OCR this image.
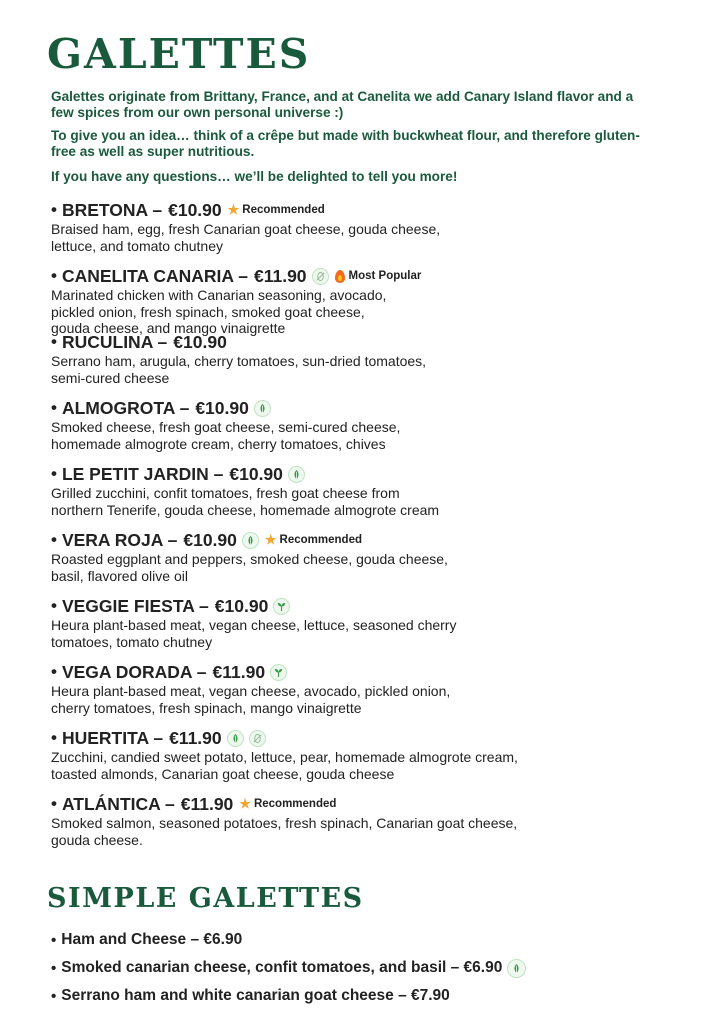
GALETTES

Galettes originate from Brittany, France, and at Canelita we add Canary Island flavor and a few spices from our own personal universe :)

To give you an idea… think of a crêpe but made with buckwheat flour, and therefore gluten-free as well as super nutritious.

If you have any questions… we’ll be delighted to tell you more!

• BRETONA – €10.90 ★ Recommended

Braised ham, egg, fresh Canarian goat cheese, gouda cheese,
lettuce, and tomato chutney

• CANELITA CANARIA – €11.90	Most Popular

Marinated chicken with Canarian seasoning, avocado,
pickled onion, fresh spinach, smoked goat cheese,
gouda cheese, and mango vinaigrette

• RUCULINA – €10.90

Serrano ham, arugula, cherry tomatoes, sun-dried tomatoes,
semi-cured cheese

• ALMOGROTA – €10.90

Smoked cheese, fresh goat cheese, semi-cured cheese,
homemade almogrote cream, cherry tomatoes, chives

• LE PETIT JARDIN – €10.90

Grilled zucchini, confit tomatoes, fresh goat cheese from
northern Tenerife, gouda cheese, homemade almogrote cream

• VERA ROJA – €10.90 ★ Recommended

Roasted eggplant and peppers, smoked cheese, gouda cheese,
basil, flavored olive oil

• VEGGIE FIESTA – €10.90

Heura plant-based meat, vegan cheese, lettuce, seasoned cherry
tomatoes, tomato chutney

• VEGA DORADA – €11.90

Heura plant-based meat, vegan cheese, avocado, pickled onion,
cherry tomatoes, fresh spinach, mango vinaigrette

• HUERTITA – €11.90

Zucchini, candied sweet potato, lettuce, pear, homemade almogrote cream,
toasted almonds, Canarian goat cheese, gouda cheese

• ATLÁNTICA – €11.90 ★ Recommended

Smoked salmon, seasoned potatoes, fresh spinach, Canarian goat cheese,
gouda cheese.

SIMPLE GALETTES
• Ham and Cheese – €6.90
• Smoked canarian cheese, confit tomatoes, and basil – €6.90
• Serrano ham and white canarian goat cheese – €7.90
